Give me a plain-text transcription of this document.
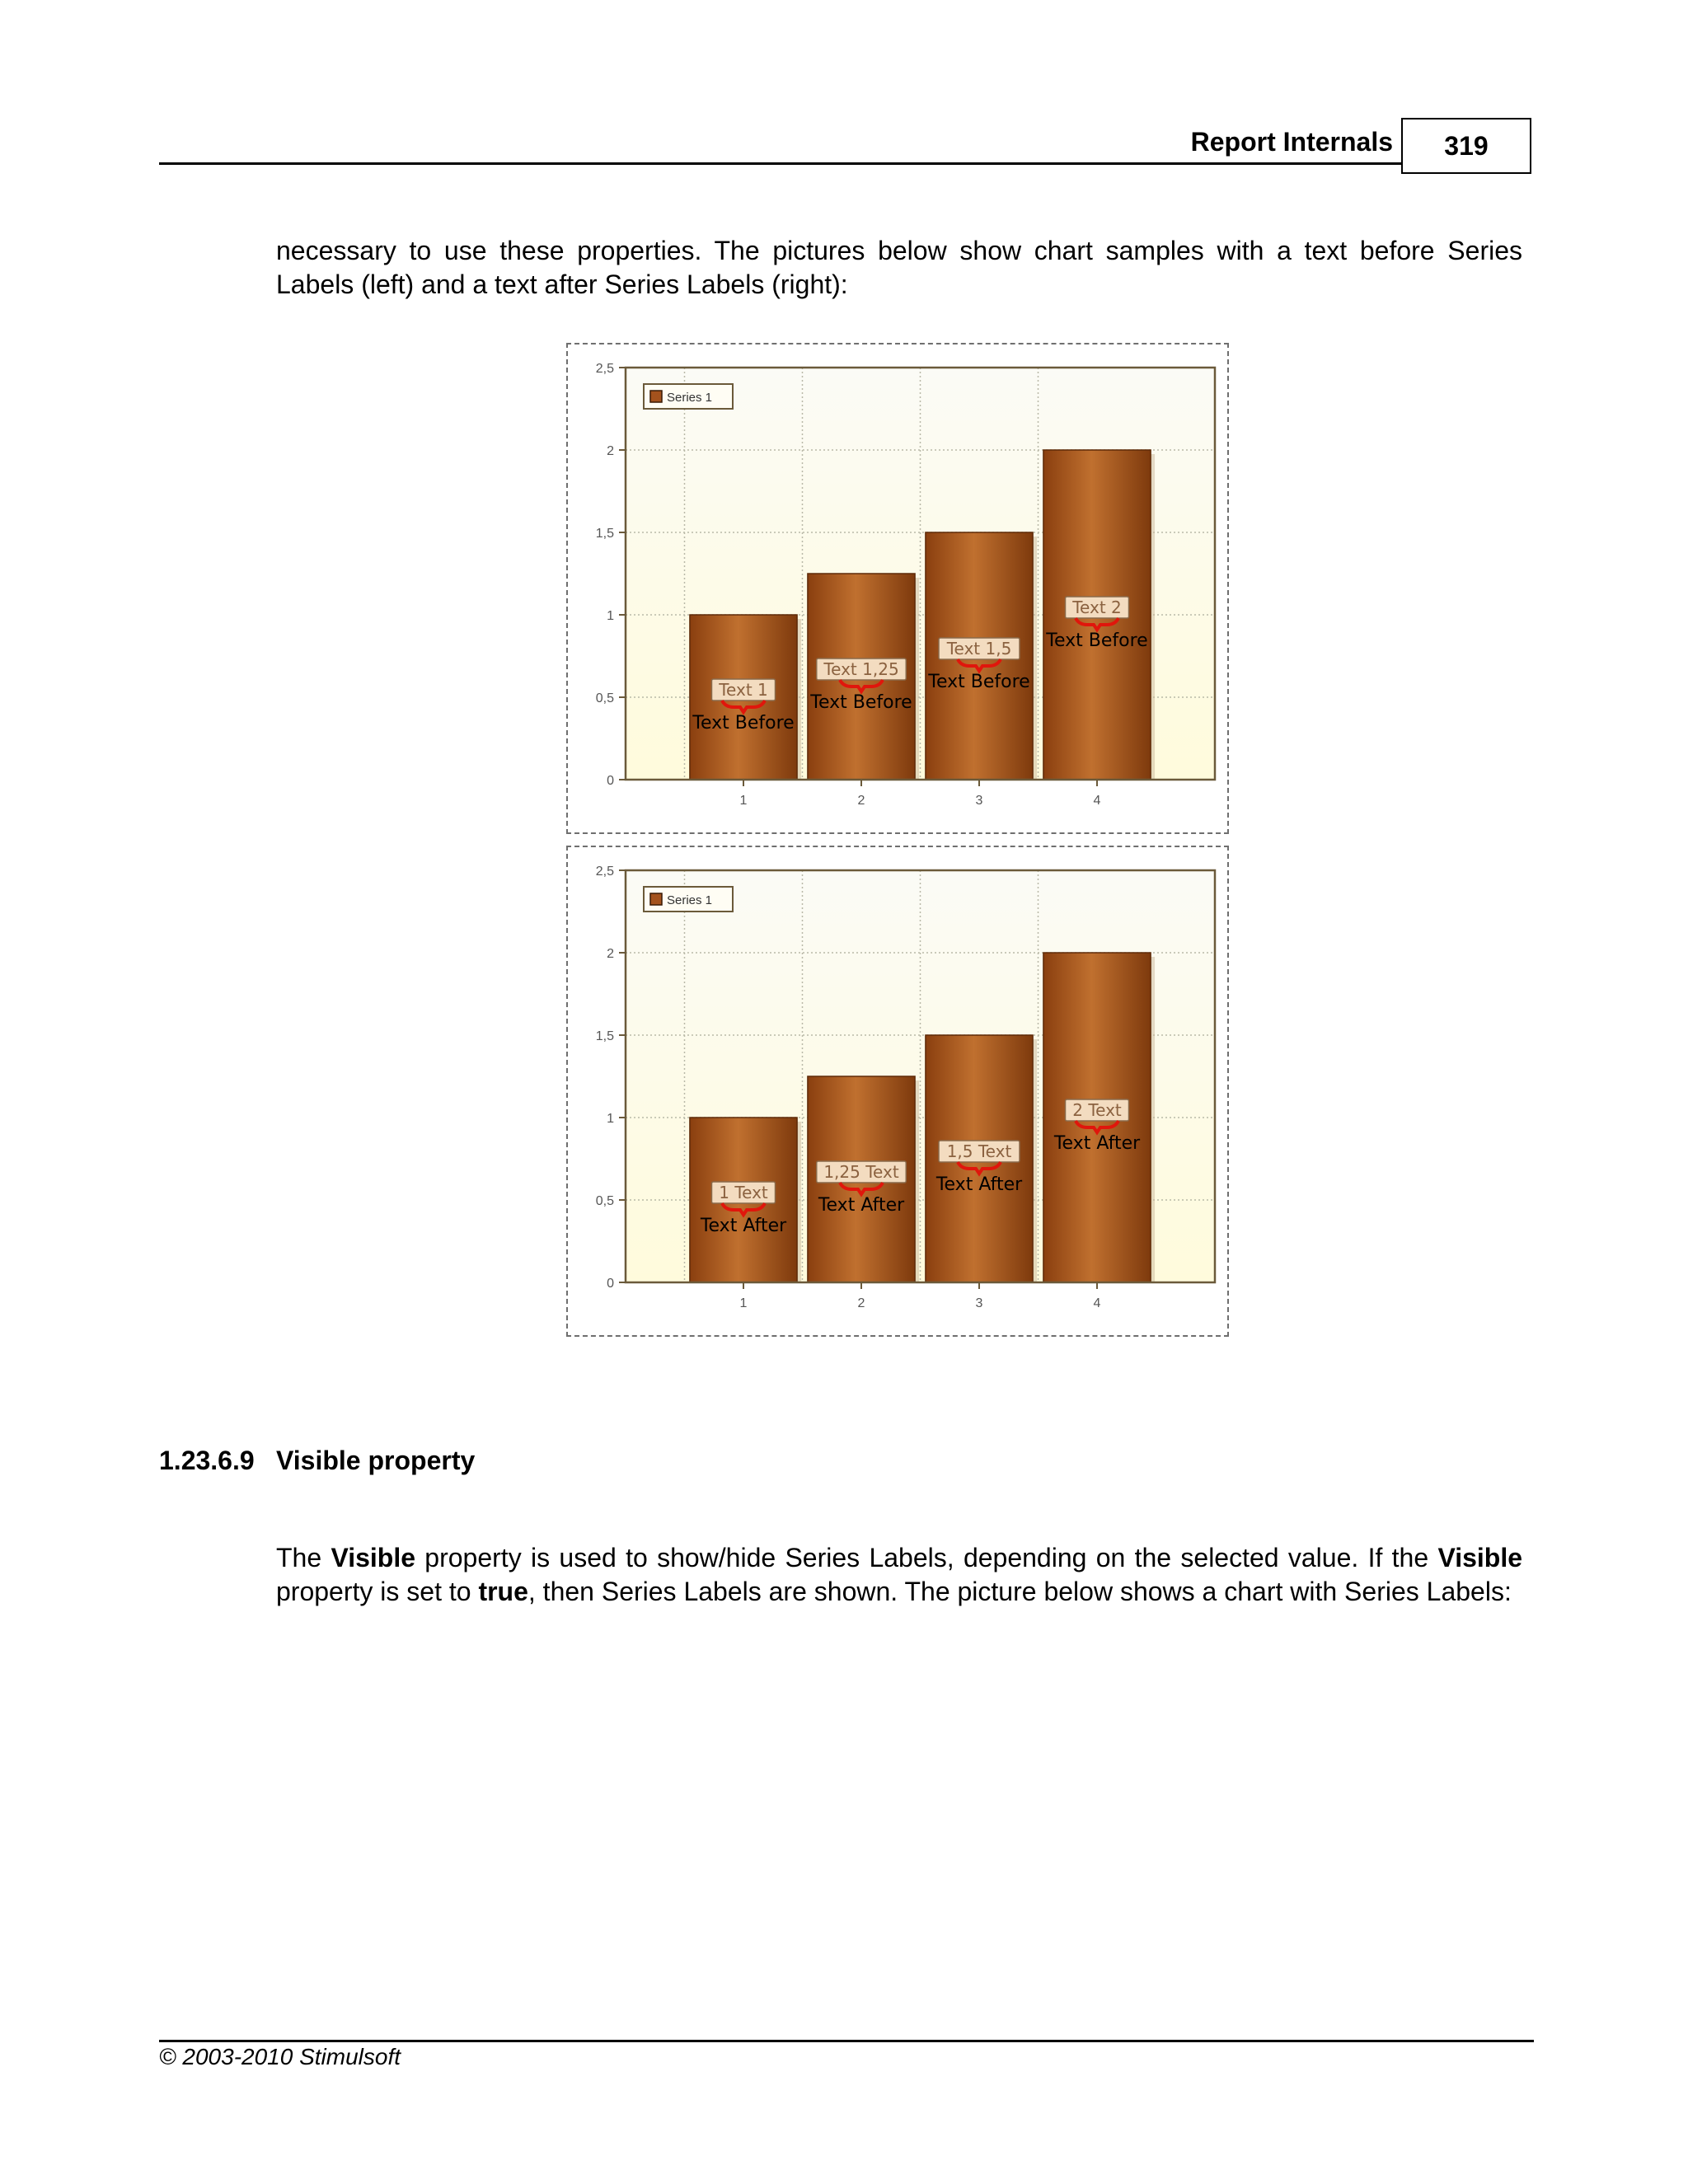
Report Internals	319

necessary to use these properties. The pictures below show chart samples with a text before Series Labels (left) and a text after Series Labels (right):

0
0,5
1
1,5
2
2,5
Text 1
Text Before
1
Text 1,25
Text Before
2
Text 1,5
Text Before
3
Text 2
Text Before
4
Series 1
0
0,5
1
1,5
2
2,5
1 Text
Text After
1
1,25 Text
Text After
2
1,5 Text
Text After
3
2 Text
Text After
4
Series 1
1.23.6.9 Visible property

The Visible property is used to show/hide Series Labels, depending on the selected value. If the Visible property is set to true, then Series Labels are shown. The picture below shows a chart with Series Labels:

© 2003-2010 Stimulsoft
